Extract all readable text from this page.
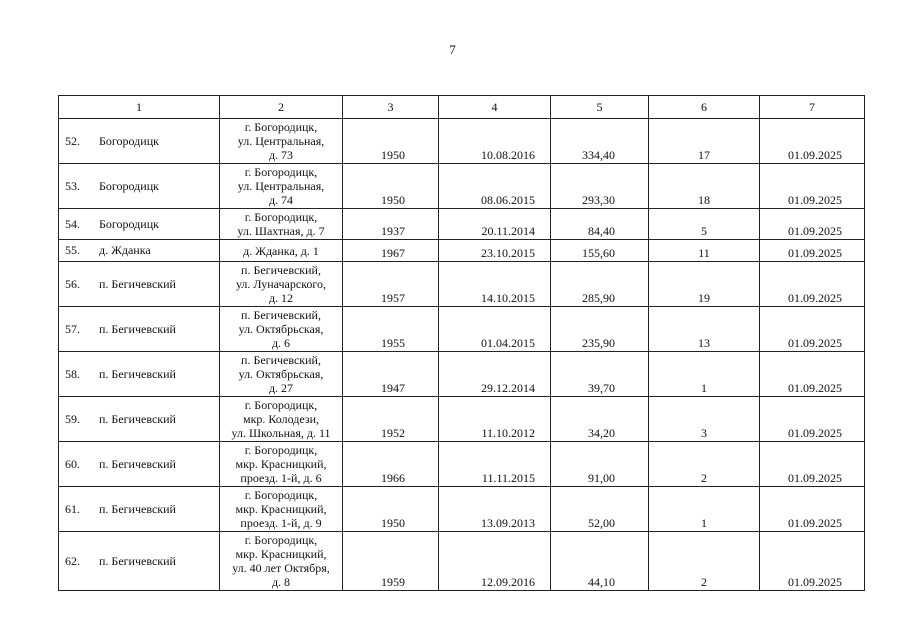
7
1	2	3	4	5	6	7
52. Богородицк	г. Богородицк,
ул. Центральная,
д. 73	1950	10.08.2016	334,40	17	01.09.2025
53. Богородицк	г. Богородицк,
ул. Центральная,
д. 74	1950	08.06.2015	293,30	18	01.09.2025
54. Богородицк	г. Богородицк,
ул. Шахтная, д. 7	1937	20.11.2014	84,40	5	01.09.2025
55. д. Жданка	д. Жданка, д. 1	1967	23.10.2015	155,60	11	01.09.2025
56. п. Бегичевский	п. Бегичевский,
ул. Луначарского,
д. 12	1957	14.10.2015	285,90	19	01.09.2025
57. п. Бегичевский	п. Бегичевский,
ул. Октябрьская,
д. 6	1955	01.04.2015	235,90	13	01.09.2025
58. п. Бегичевский	п. Бегичевский,
ул. Октябрьская,
д. 27	1947	29.12.2014	39,70	1	01.09.2025
59. п. Бегичевский	г. Богородицк,
мкр. Колодези,
ул. Школьная, д. 11	1952	11.10.2012	34,20	3	01.09.2025
60. п. Бегичевский	г. Богородицк,
мкр. Красницкий,
проезд. 1-й, д. 6	1966	11.11.2015	91,00	2	01.09.2025
61. п. Бегичевский	г. Богородицк,
мкр. Красницкий,
проезд. 1-й, д. 9	1950	13.09.2013	52,00	1	01.09.2025
62. п. Бегичевский	г. Богородицк,
мкр. Красницкий,
ул. 40 лет Октября,
д. 8	1959	12.09.2016	44,10	2	01.09.2025
